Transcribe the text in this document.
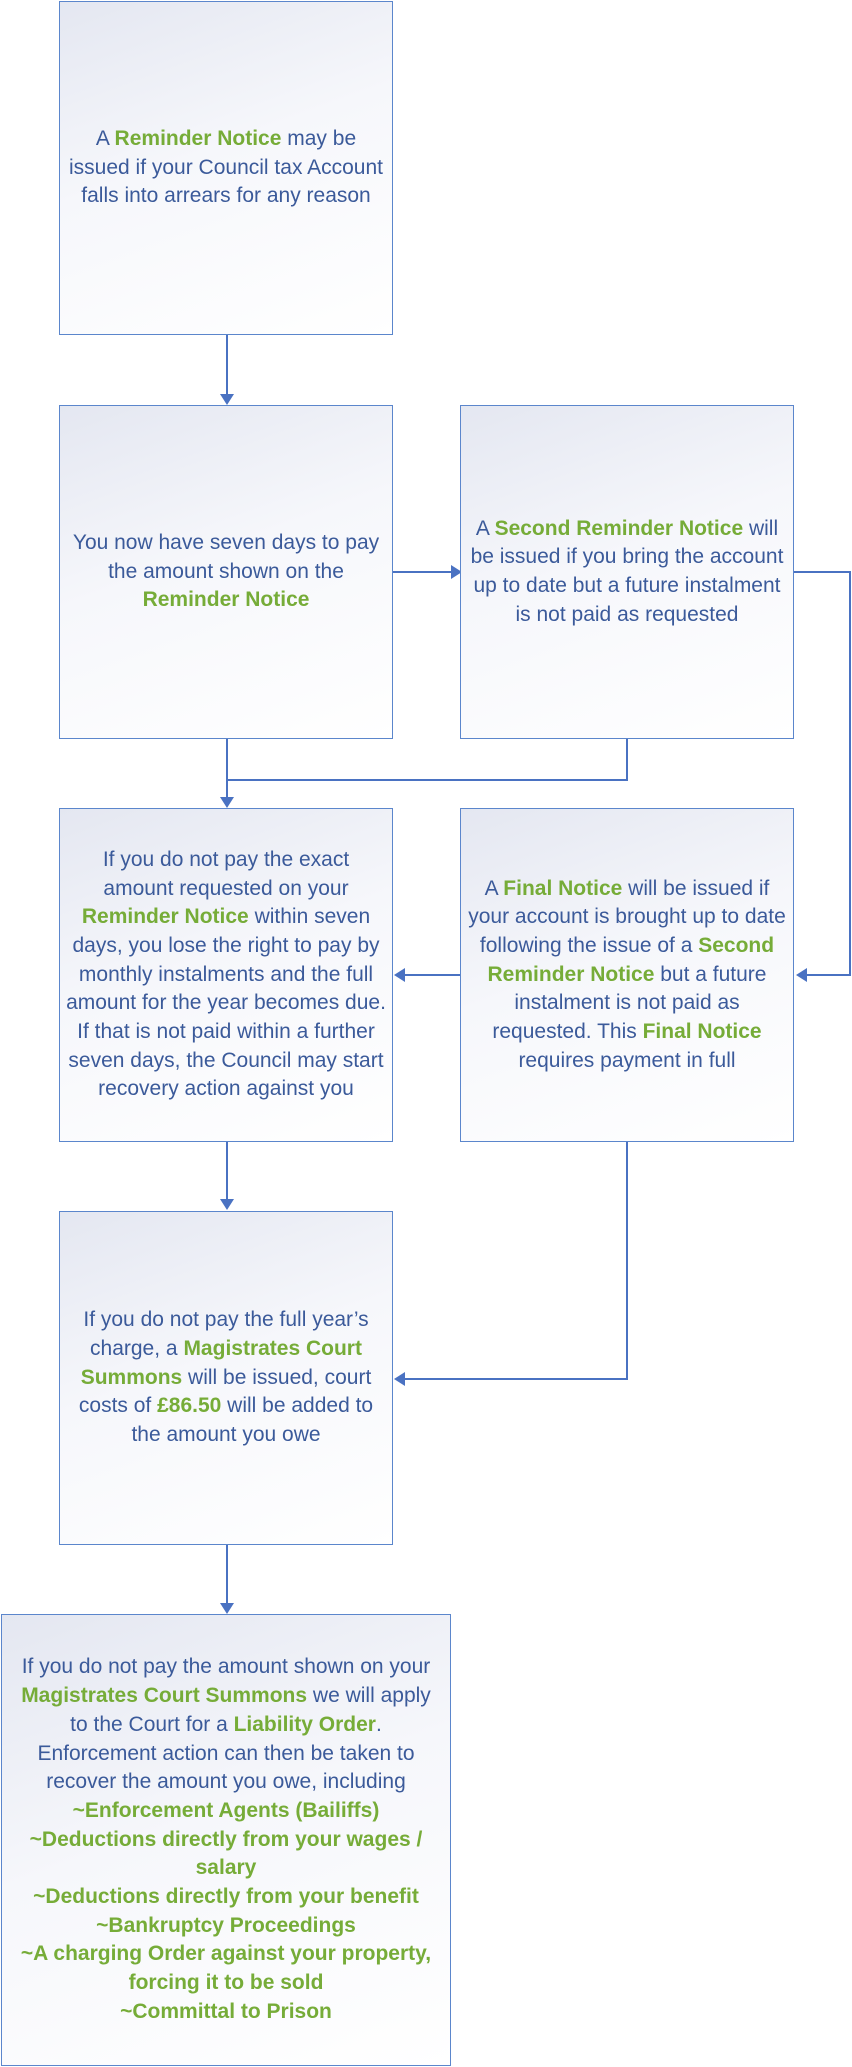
A Reminder Notice may be issued if your Council tax Account falls into arrears for any reason

You now have seven days to pay the amount shown on the Reminder Notice

A Second Reminder Notice will be issued if you bring the account up to date but a future instalment is not paid as requested

If you do not pay the exact amount requested on your Reminder Notice within seven days, you lose the right to pay by monthly instalments and the full amount for the year becomes due. If that is not paid within a further seven days, the Council may start recovery action against you

A Final Notice will be issued if your account is brought up to date following the issue of a Second Reminder Notice but a future instalment is not paid as requested. This Final Notice requires payment in full

If you do not pay the full year’s charge, a Magistrates Court Summons will be issued, court costs of £86.50 will be added to the amount you owe

If you do not pay the amount shown on your Magistrates Court Summons we will apply to the Court for a Liability Order. Enforcement action can then be taken to recover the amount you owe, including

~Enforcement Agents (Bailiffs)

~Deductions directly from your wages / salary

~Deductions directly from your benefit

~Bankruptcy Proceedings

~A charging Order against your property, forcing it to be sold

~Committal to Prison
